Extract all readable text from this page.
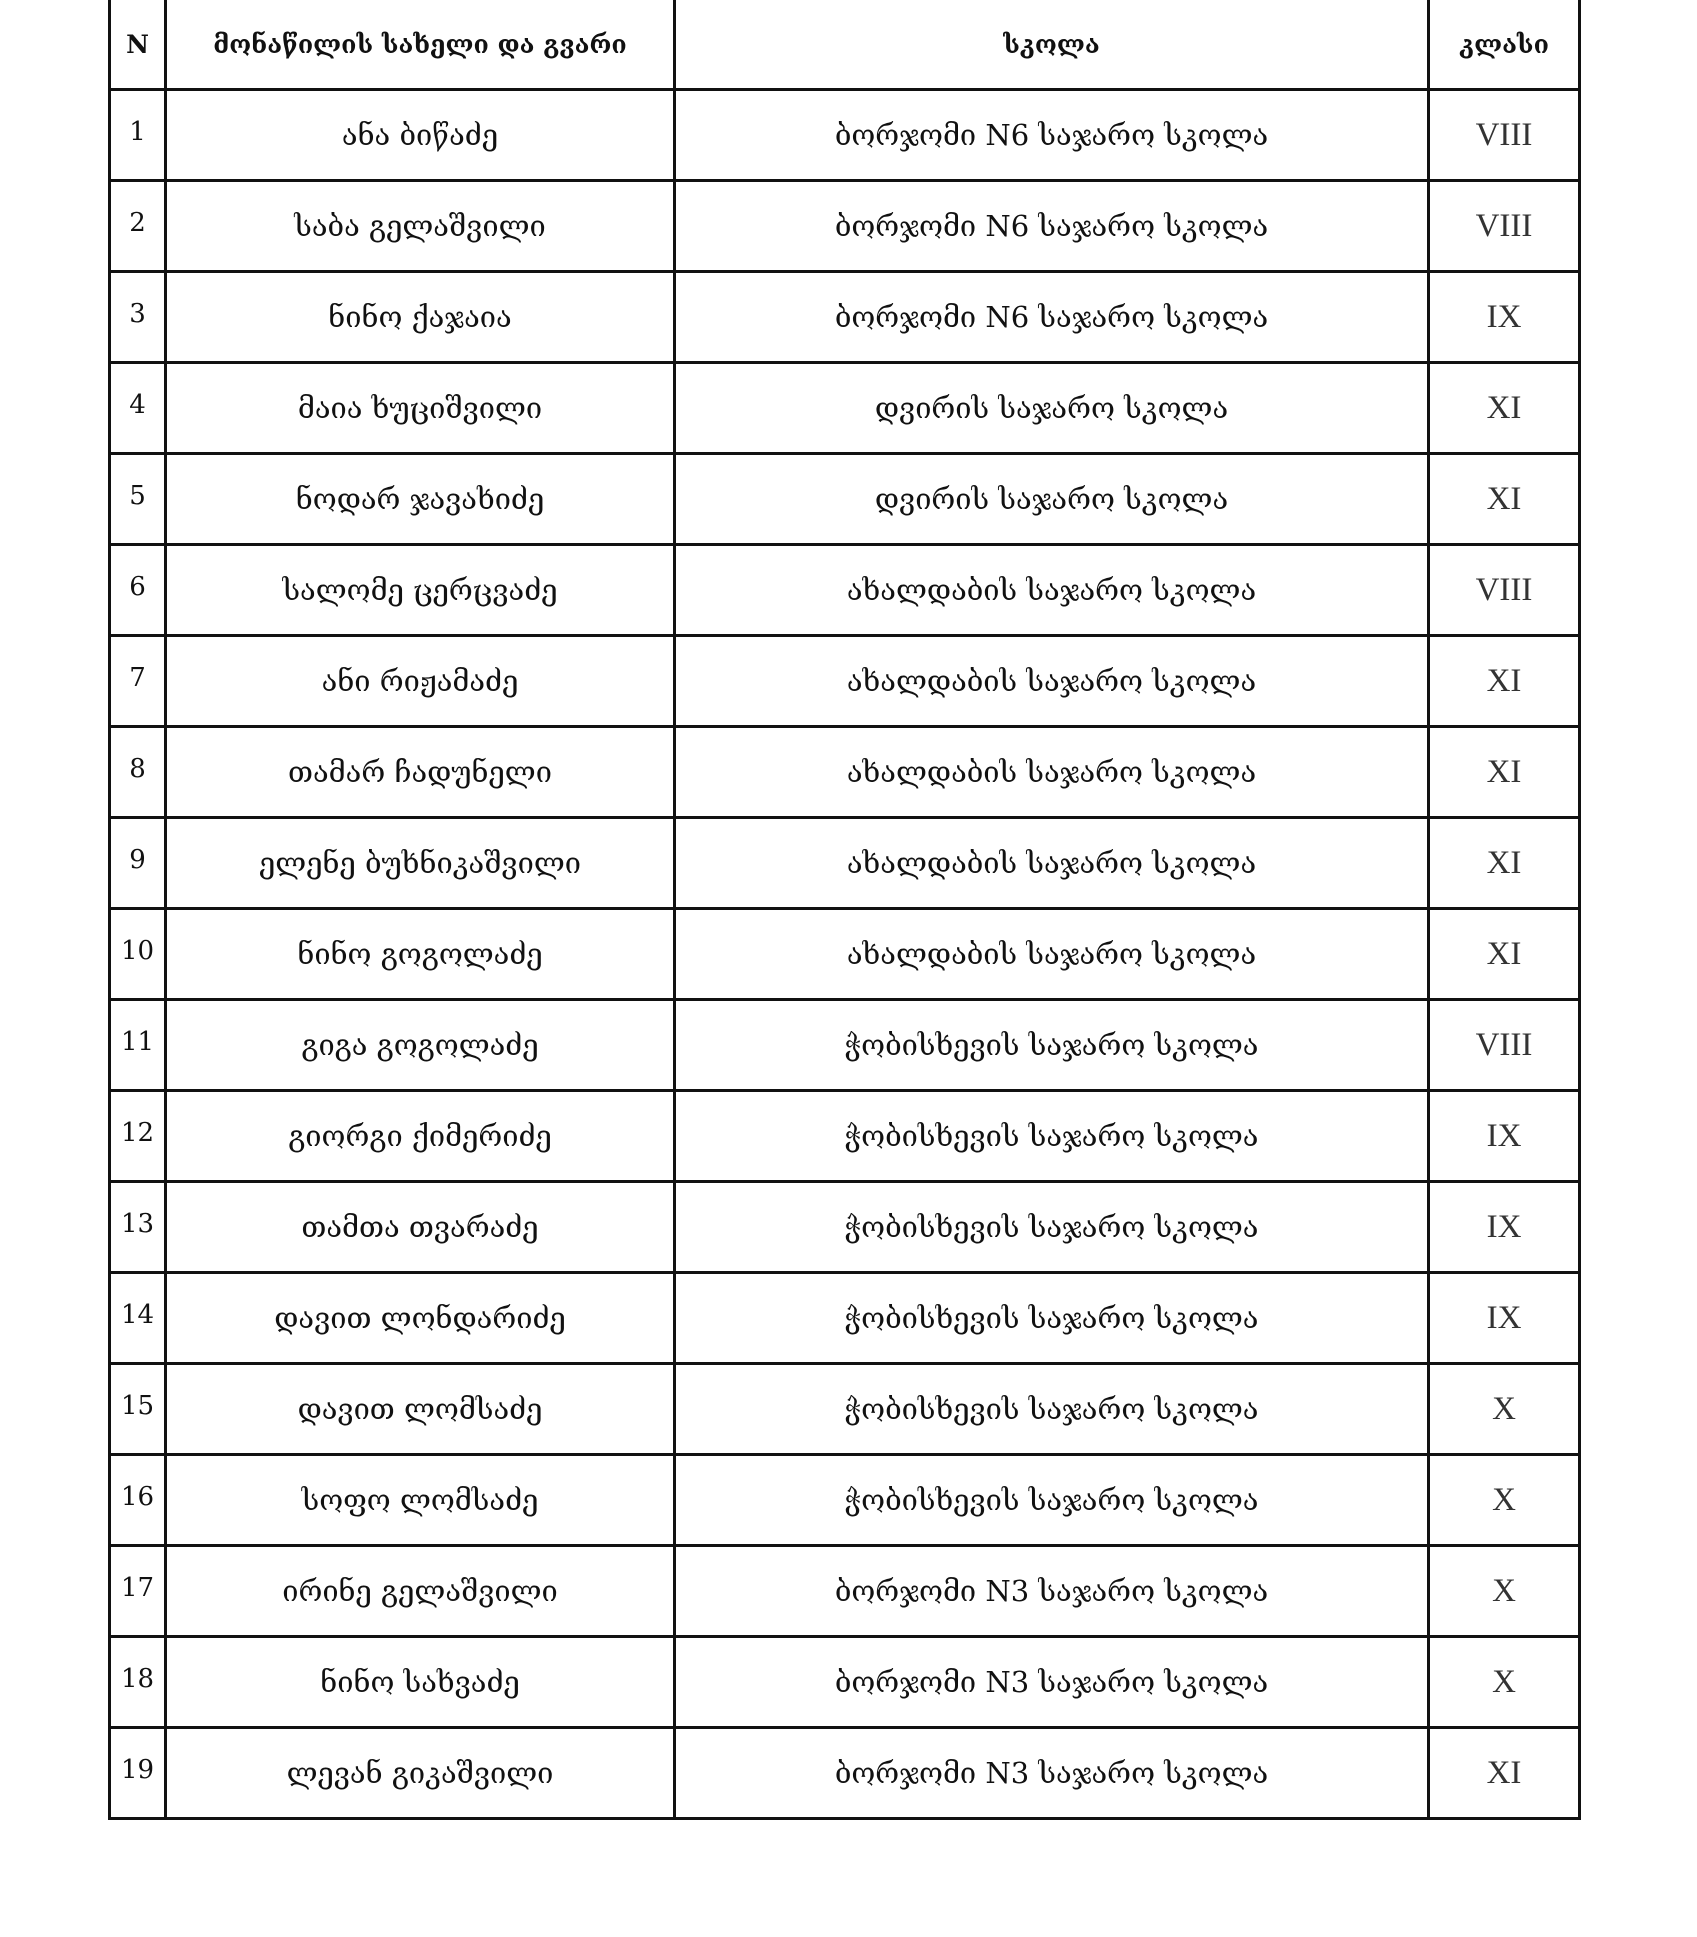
N	მონაწილის სახელი და გვარი	სკოლა	კლასი
1	ანა ბიწაძე	ბორჯომი N6 საჯარო სკოლა	VIII
2	საბა გელაშვილი	ბორჯომი N6 საჯარო სკოლა	VIII
3	ნინო ქაჯაია	ბორჯომი N6 საჯარო სკოლა	IX
4	მაია ხუციშვილი	დვირის საჯარო სკოლა	XI
5	ნოდარ ჯავახიძე	დვირის საჯარო სკოლა	XI
6	სალომე ცერცვაძე	ახალდაბის საჯარო სკოლა	VIII
7	ანი რიჟამაძე	ახალდაბის საჯარო სკოლა	XI
8	თამარ ჩადუნელი	ახალდაბის საჯარო სკოლა	XI
9	ელენე ბუხნიკაშვილი	ახალდაბის საჯარო სკოლა	XI
10	ნინო გოგოლაძე	ახალდაბის საჯარო სკოლა	XI
11	გიგა გოგოლაძე	ჭობისხევის საჯარო სკოლა	VIII
12	გიორგი ქიმერიძე	ჭობისხევის საჯარო სკოლა	IX
13	თამთა თვარაძე	ჭობისხევის საჯარო სკოლა	IX
14	დავით ლონდარიძე	ჭობისხევის საჯარო სკოლა	IX
15	დავით ლომსაძე	ჭობისხევის საჯარო სკოლა	X
16	სოფო ლომსაძე	ჭობისხევის საჯარო სკოლა	X
17	ირინე გელაშვილი	ბორჯომი N3 საჯარო სკოლა	X
18	ნინო სახვაძე	ბორჯომი N3 საჯარო სკოლა	X
19	ლევან გიკაშვილი	ბორჯომი N3 საჯარო სკოლა	XI
